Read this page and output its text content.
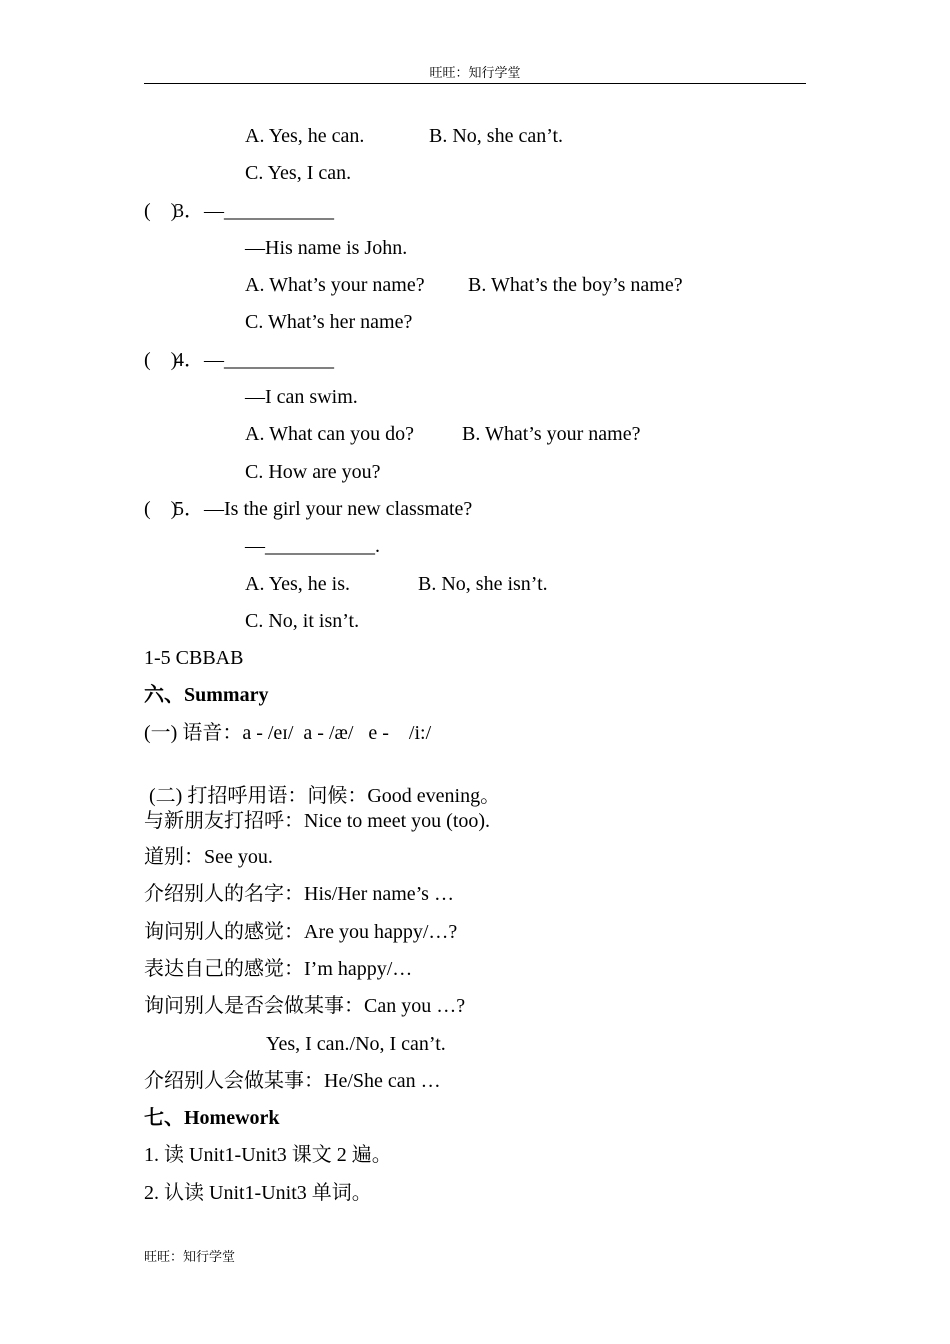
旺旺：知行学堂
A. Yes, he can.	B. No, she can’t.
C. Yes, I can.
(    )3．—___________
—His name is John.
A. What’s your name? B. What’s the boy’s name?
C. What’s her name?
(    )4．—___________
—I can swim.
A. What can you do? B. What’s your name?
C. How are you?
(    )5．—Is the girl your new classmate?
—___________.
A. Yes, he is.	B. No, she isn’t.
C. No, it isn’t.
1-5 CBBAB
六、Summary
(一) 语音：a - /eɪ/  a - /æ/   e -    /i:/
(二) 打招呼用语：问候：Good evening。
与新朋友打招呼：Nice to meet you (too).
道别：See you.
介绍别人的名字：His/Her name’s …
询问别人的感觉：Are you happy/…?
表达自己的感觉：I’m happy/…
询问别人是否会做某事：Can you …?
Yes, I can./No, I can’t.
介绍别人会做某事：He/She can …
七、Homework
1. 读 Unit1-Unit3 课文 2 遍。
2. 认读 Unit1-Unit3 单词。
旺旺：知行学堂
